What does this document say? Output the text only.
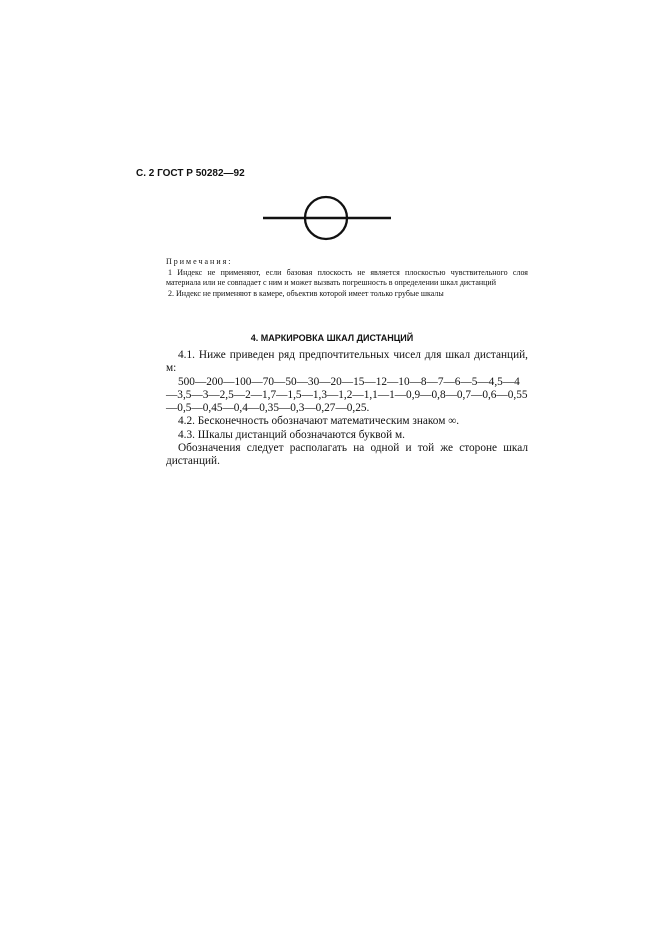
С. 2 ГОСТ Р 50282—92

Примечания:

1 Индекс не применяют, если базовая плоскость не является плоскостью чувствительного слоя материала или не совпадает с ним и может вызвать погрешность в определении шкал дистанций

2. Индекс не применяют в камере, объектив которой имеет только грубые шкалы

4. МАРКИРОВКА ШКАЛ ДИСТАНЦИЙ

4.1. Ниже приведен ряд предпочтительных чисел для шкал дистанций, м:

500—200—100—70—50—30—20—15—12—10—8—7—6—5—4,5—4—3,5—3—2,5—2—1,7—1,5—1,3—1,2—1,1—1—0,9—0,8—0,7—0,6—0,55—0,5—0,45—0,4—0,35—0,3—0,27—0,25.

4.2. Бесконечность обозначают математическим знаком ∞.

4.3. Шкалы дистанций обозначаются буквой м.

Обозначения следует располагать на одной и той же стороне шкал дистанций.
